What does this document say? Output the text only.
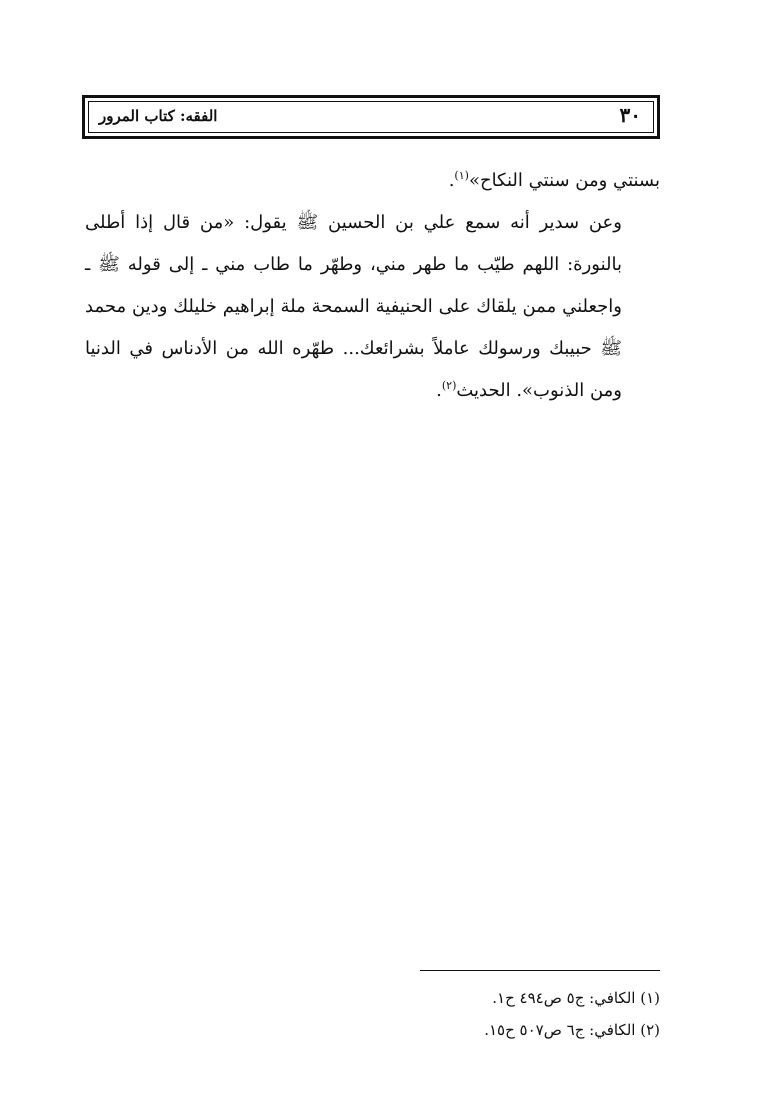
الفقه: كتاب المرور	٣٠

بسنتي ومن سنتي النكاح»$^{(١)}$.

وعن سدير أنه سمع علي بن الحسين ﷺ يقول: «من قال إذا أطلى بالنورة: اللهم طيّب ما طهر مني، وطهّر ما طاب مني ـ إلى قوله ﷺ ـ واجعلني ممن يلقاك على الحنيفية السمحة ملة إبراهيم خليلك ودين محمد ﷺ حبيبك ورسولك عاملاً بشرائعك... طهّره الله من الأدناس في الدنيا ومن الذنوب». الحديث$^{(٢)}$.

(١) الكافي: ج٥ ص٤٩٤ ح١.

(٢) الكافي: ج٦ ص٥٠٧ ح١٥.
